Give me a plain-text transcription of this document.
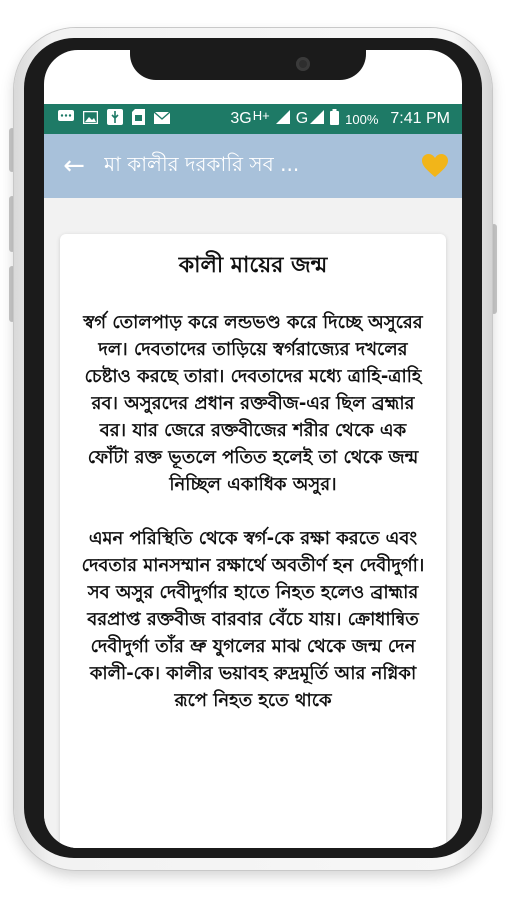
3G H+ G	100% 7:41 PM
← মা কালীর দরকারি সব ...
কালী মায়ের জন্ম

স্বর্গ তোলপাড় করে লন্ডভণ্ড করে দিচ্ছে অসুরের দল। দেবতাদের তাড়িয়ে স্বর্গরাজ্যের দখলের চেষ্টাও করছে তারা। দেবতাদের মধ্যে ত্রাহি-ত্রাহি রব। অসুরদের প্রধান রক্তবীজ-এর ছিল ব্রহ্মার বর। যার জেরে রক্তবীজের শরীর থেকে এক ফোঁটা রক্ত ভূতলে পতিত হলেই তা থেকে জন্ম নিচ্ছিল একাধিক অসুর।

এমন পরিস্থিতি থেকে স্বর্গ-কে রক্ষা করতে এবং দেবতার মানসম্মান রক্ষার্থে অবতীর্ণ হন দেবীদুর্গা। সব অসুর দেবীদুর্গার হাতে নিহত হলেও ব্রাহ্মার বরপ্রাপ্ত রক্তবীজ বারবার বেঁচে যায়। ক্রোধান্বিত দেবীদুর্গা তাঁর ভ্রু যুগলের মাঝ থেকে জন্ম দেন কালী-কে। কালীর ভয়াবহ রুদ্রমূর্তি আর নগ্নিকা রূপে নিহত হতে থাকে
